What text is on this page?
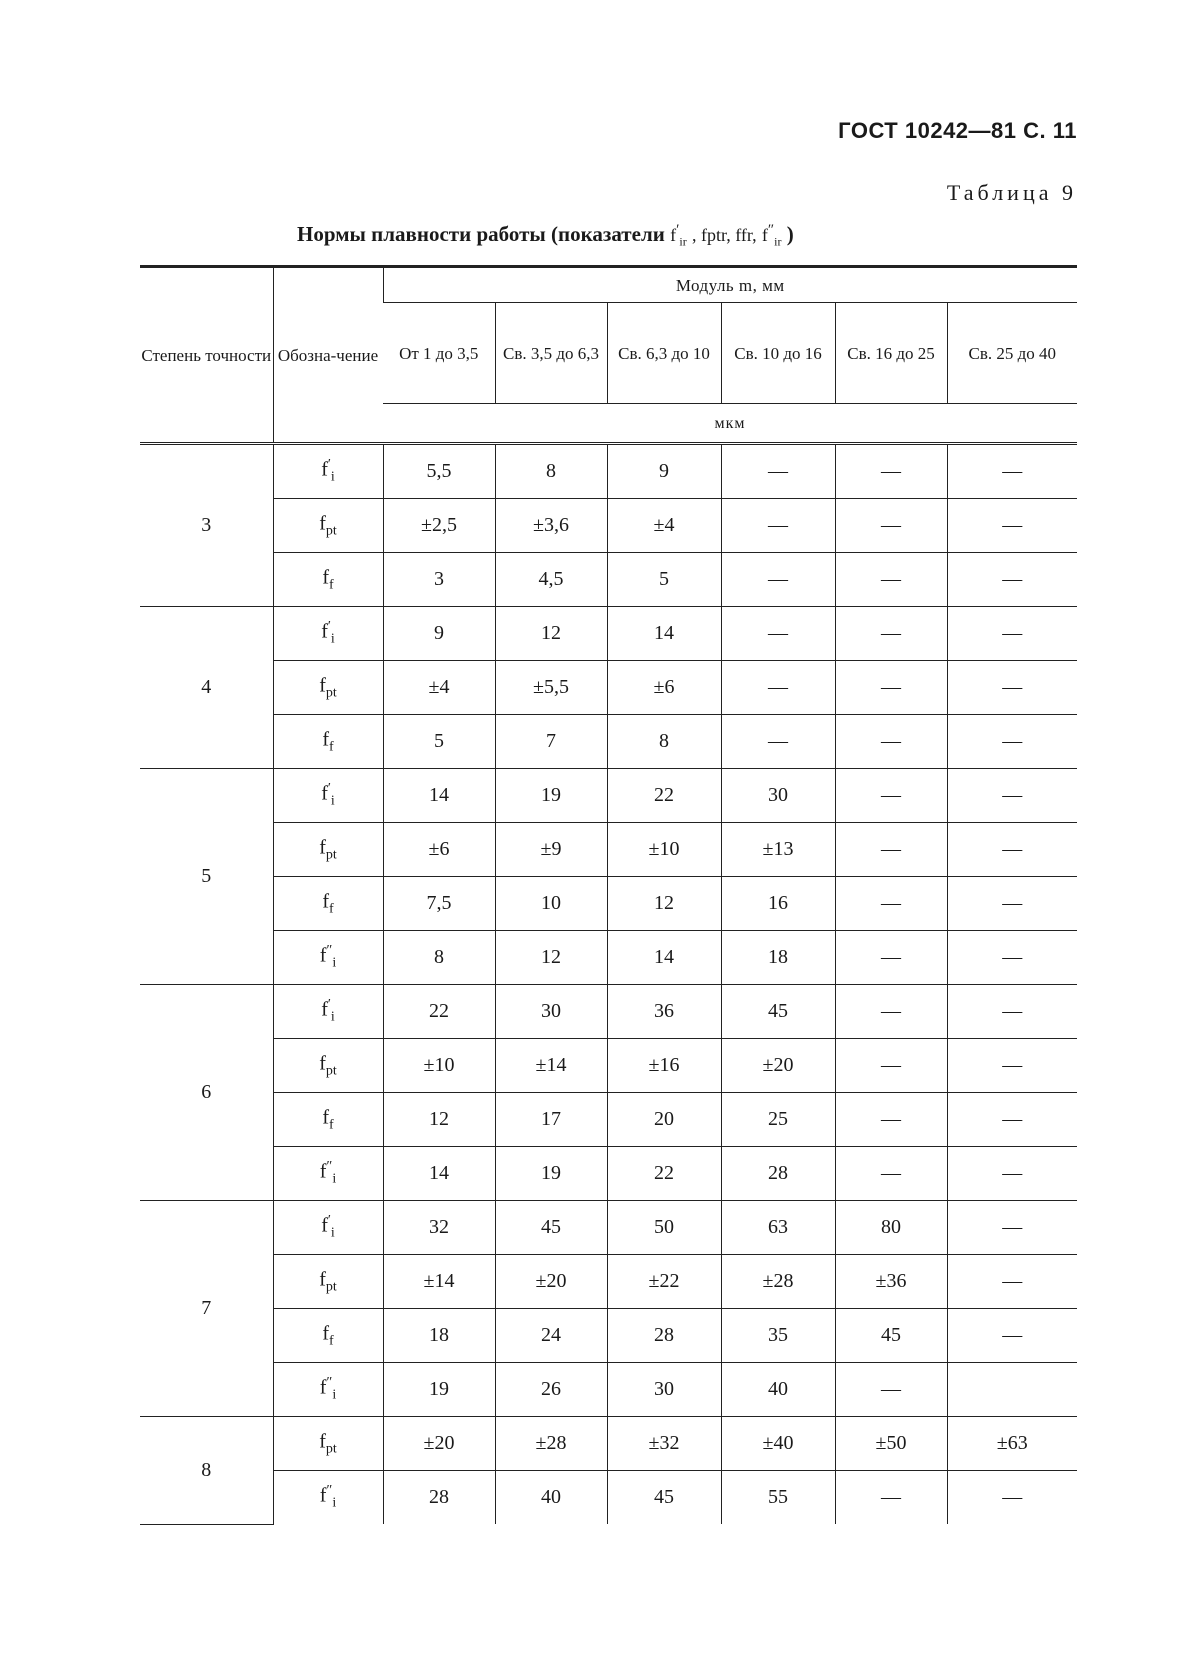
ГОСТ 10242—81 С. 11
Таблица 9
Нормы плавности работы (показатели $f'_{ir}$ , fptr, ffr, $f''_{ir}$ )
Степень точности	Обозна-чение	Модуль m, мм					
		От 1 до 3,5	Св. 3,5 до 6,3	Св. 6,3 до 10	Св. 10 до 16	Св. 16 до 25	Св. 25 до 40
		мкм					
3	$f'_i$	5,5	8	9	—	—	—
	$f_{pt}$	±2,5	±3,6	±4	—	—	—
	$f_f$	3	4,5	5	—	—	—
4	$f'_i$	9	12	14	—	—	—
	$f_{pt}$	±4	±5,5	±6	—	—	—
	$f_f$	5	7	8	—	—	—
5	$f'_i$	14	19	22	30	—	—
	$f_{pt}$	±6	±9	±10	±13	—	—
	$f_f$	7,5	10	12	16	—	—
	$f''_i$	8	12	14	18	—	—
6	$f'_i$	22	30	36	45	—	—
	$f_{pt}$	±10	±14	±16	±20	—	—
	$f_f$	12	17	20	25	—	—
	$f''_i$	14	19	22	28	—	—
7	$f'_i$	32	45	50	63	80	—
	$f_{pt}$	±14	±20	±22	±28	±36	—
	$f_f$	18	24	28	35	45	—
	$f''_i$	19	26	30	40	—	
8	$f_{pt}$	±20	±28	±32	±40	±50	±63
	$f''_i$	28	40	45	55	—	—
